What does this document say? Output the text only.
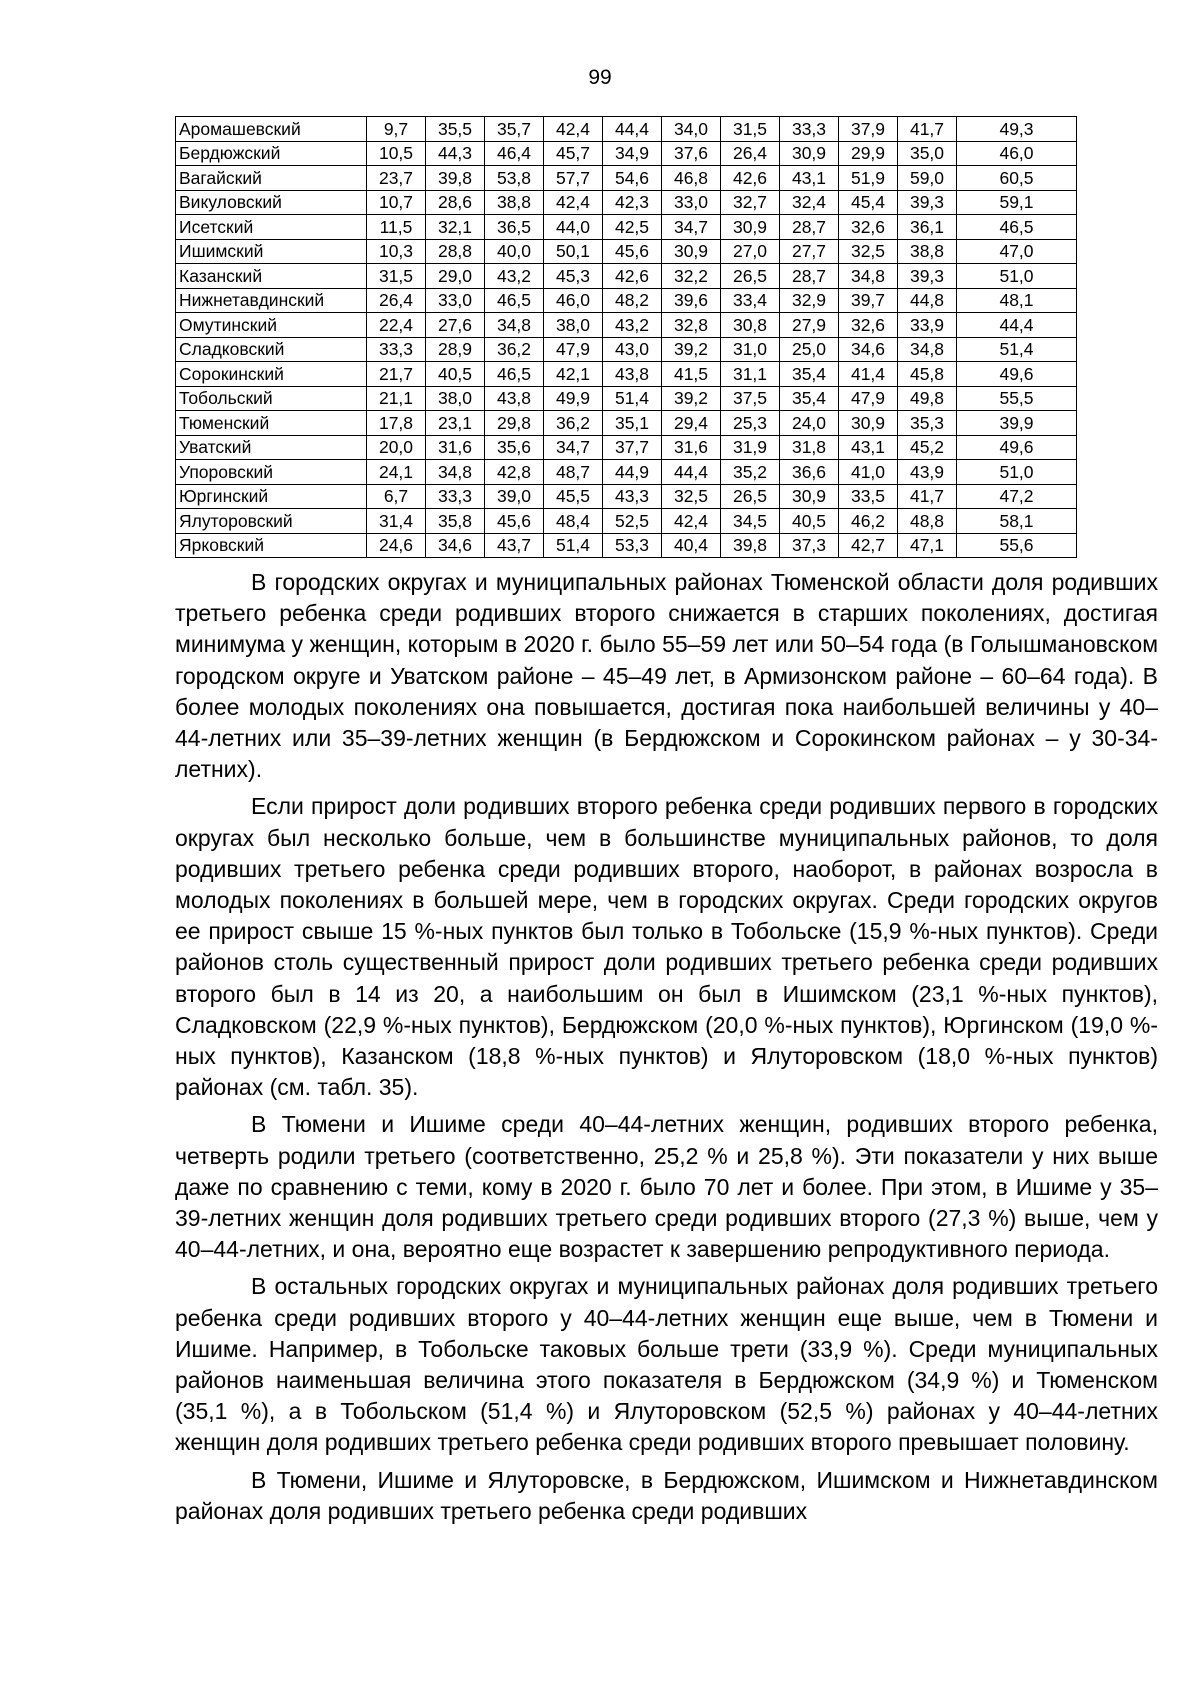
99
Аромашевский	9,7	35,5	35,7	42,4	44,4	34,0	31,5	33,3	37,9	41,7	49,3
Бердюжский	10,5	44,3	46,4	45,7	34,9	37,6	26,4	30,9	29,9	35,0	46,0
Вагайский	23,7	39,8	53,8	57,7	54,6	46,8	42,6	43,1	51,9	59,0	60,5
Викуловский	10,7	28,6	38,8	42,4	42,3	33,0	32,7	32,4	45,4	39,3	59,1
Исетский	11,5	32,1	36,5	44,0	42,5	34,7	30,9	28,7	32,6	36,1	46,5
Ишимский	10,3	28,8	40,0	50,1	45,6	30,9	27,0	27,7	32,5	38,8	47,0
Казанский	31,5	29,0	43,2	45,3	42,6	32,2	26,5	28,7	34,8	39,3	51,0
Нижнетавдинский	26,4	33,0	46,5	46,0	48,2	39,6	33,4	32,9	39,7	44,8	48,1
Омутинский	22,4	27,6	34,8	38,0	43,2	32,8	30,8	27,9	32,6	33,9	44,4
Сладковский	33,3	28,9	36,2	47,9	43,0	39,2	31,0	25,0	34,6	34,8	51,4
Сорокинский	21,7	40,5	46,5	42,1	43,8	41,5	31,1	35,4	41,4	45,8	49,6
Тобольский	21,1	38,0	43,8	49,9	51,4	39,2	37,5	35,4	47,9	49,8	55,5
Тюменский	17,8	23,1	29,8	36,2	35,1	29,4	25,3	24,0	30,9	35,3	39,9
Уватский	20,0	31,6	35,6	34,7	37,7	31,6	31,9	31,8	43,1	45,2	49,6
Упоровский	24,1	34,8	42,8	48,7	44,9	44,4	35,2	36,6	41,0	43,9	51,0
Юргинский	6,7	33,3	39,0	45,5	43,3	32,5	26,5	30,9	33,5	41,7	47,2
Ялуторовский	31,4	35,8	45,6	48,4	52,5	42,4	34,5	40,5	46,2	48,8	58,1
Ярковский	24,6	34,6	43,7	51,4	53,3	40,4	39,8	37,3	42,7	47,1	55,6

В городских округах и муниципальных районах Тюменской области доля родивших третьего ребенка среди родивших второго снижается в старших поколениях, достигая минимума у женщин, которым в 2020 г. было 55–59 лет или 50–54 года (в Голышмановском городском округе и Уватском районе – 45–49 лет, в Армизонском районе – 60–64 года). В более молодых поколениях она повышается, достигая пока наибольшей величины у 40–44-летних или 35–39-летних женщин (в Бердюжском и Сорокинском районах – у 30-34-летних).

Если прирост доли родивших второго ребенка среди родивших первого в городских округах был несколько больше, чем в большинстве муниципальных районов, то доля родивших третьего ребенка среди родивших второго, наоборот, в районах возросла в молодых поколениях в большей мере, чем в городских округах. Среди городских округов ее прирост свыше 15 %-ных пунктов был только в Тобольске (15,9 %-ных пунктов). Среди районов столь существенный прирост доли родивших третьего ребенка среди родивших второго был в 14 из 20, а наибольшим он был в Ишимском (23,1 %-ных пунктов), Сладковском (22,9 %-ных пунктов), Бердюжском (20,0 %-ных пунктов), Юргинском (19,0 %-ных пунктов), Казанском (18,8 %-ных пунктов) и Ялуторовском (18,0 %-ных пунктов) районах (см. табл. 35).

В Тюмени и Ишиме среди 40–44-летних женщин, родивших второго ребенка, четверть родили третьего (соответственно, 25,2 % и 25,8 %). Эти показатели у них выше даже по сравнению с теми, кому в 2020 г. было 70 лет и более. При этом, в Ишиме у 35–39-летних женщин доля родивших третьего среди родивших второго (27,3 %) выше, чем у 40–44-летних, и она, вероятно еще возрастет к завершению репродуктивного периода.

В остальных городских округах и муниципальных районах доля родивших третьего ребенка среди родивших второго у 40–44-летних женщин еще выше, чем в Тюмени и Ишиме. Например, в Тобольске таковых больше трети (33,9 %). Среди муниципальных районов наименьшая величина этого показателя в Бердюжском (34,9 %) и Тюменском (35,1 %), а в Тобольском (51,4 %) и Ялуторовском (52,5 %) районах у 40–44-летних женщин доля родивших третьего ребенка среди родивших второго превышает половину.

В Тюмени, Ишиме и Ялуторовске, в Бердюжском, Ишимском и Нижнетавдинском районах доля родивших третьего ребенка среди родивших
